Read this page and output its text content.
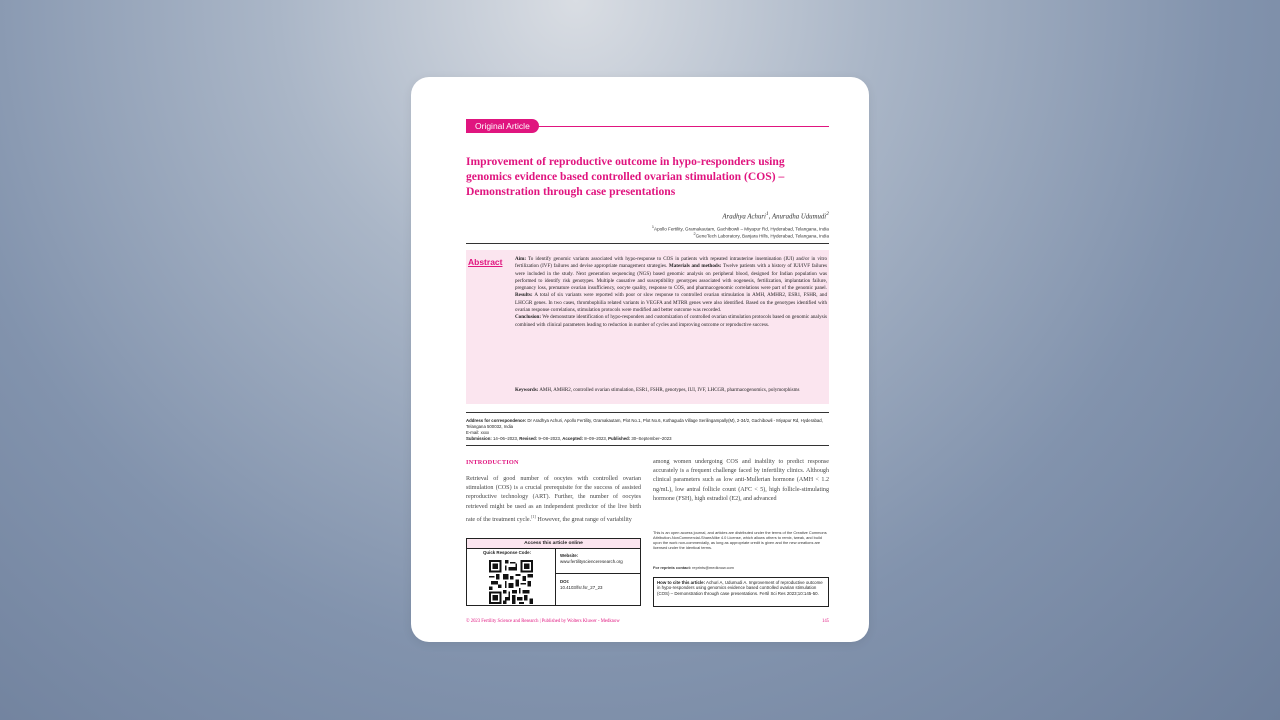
Original Article
Improvement of reproductive outcome in hypo-responders using genomics evidence based controlled ovarian stimulation (COS) – Demonstration through case presentations
Aradhya Achuri$^1$, Anuradha Udumudi$^2$
$^1$Apollo Fertility, Gramakautam, Gachibowli – Miyapur Rd, Hyderabad, Telangana, India
$^2$GeneTech Laboratory, Banjara Hills, Hyderabad, Telangana, India
Abstract Aim: To identify genomic variants associated with hypo-response to COS in patients with repeated intrauterine insemination (IUI) and/or in vitro fertilization (IVF) failures and devise appropriate management strategies. Materials and methods: Twelve patients with a history of IUI/IVF failures were included in the study. Next generation sequencing (NGS) based genomic analysis on peripheral blood, designed for Indian population was performed to identify risk genotypes. Multiple causative and susceptibility genotypes associated with oogenesis, fertilization, implantation failure, pregnancy loss, premature ovarian insufficiency, oocyte quality, response to COS, and pharmacogenomic correlations were part of the genomic panel. Results: A total of six variants were reported with poor or slow response to controlled ovarian stimulation in AMH, AMHR2, ESR1, FSHR, and LHCGR genes. In two cases, thrombophilia related variants in VEGFA and MTRR genes were also identified. Based on the genotypes identified with ovarian response correlations, stimulation protocols were modified and better outcome was recorded.
Conclusion: We demonstrate identification of hypo-responders and customization of controlled ovarian stimulation protocols based on genomic analysis combined with clinical parameters leading to reduction in number of cycles and improving outcome or reproductive success.

Keywords: AMH, AMHR2, controlled ovarian stimulation, ESR1, FSHR, genotypes, IUI, IVF, LHCGR, pharmacogenomics, polymorphisms

Address for correspondence: Dr Aradhya Achuri, Apollo Fertility, Gramakautam, Plot No.1, Plot No.6, Kothaguda Village Serilingampally(M), 2-34/2, Gachibowli - Miyapur Rd, Hyderabad, Telangana 500032, India
E-mail: xxxx
Submission: 14–06–2023, Revised: 9–08–2023, Accepted: 8–09–2023, Published: 30–September–2023

INTRODUCTION

Retrieval of good number of oocytes with controlled ovarian stimulation (COS) is a crucial prerequisite for the success of assisted reproductive technology (ART). Further, the number of oocytes retrieved might be used as an independent predictor of the live birth rate of the treatment cycle.[1] However, the great range of variability

among women undergoing COS and inability to predict response accurately is a frequent challenge faced by infertility clinics. Although clinical parameters such as low anti-Mullerian hormone (AMH < 1.2 ng/mL), low antral follicle count (AFC < 5), high follicle-stimulating hormone (FSH), high estradiol (E2), and advanced

Access this article online
Quick Response Code:
Website:
www.fertilityscienceresearch.org
DOI:
10.4103/fsr.fsr_27_23

This is an open access journal, and articles are distributed under the terms of the Creative Commons Attribution-NonCommercial-ShareAlike 4.0 License, which allows others to remix, tweak, and build upon the work non-commercially, as long as appropriate credit is given and the new creations are licensed under the identical terms.

For reprints contact: reprints@medknow.com

How to cite this article: Achuri A, Udumudi A. Improvement of reproductive outcome in hypo-responders using genomics evidence based controlled ovarian stimulation (COS) – Demonstration through case presentations. Fertil Sci Res 2023;10:145-50.

© 2023 Fertility Science and Research | Published by Wolters Kluwer - Medknow	145
